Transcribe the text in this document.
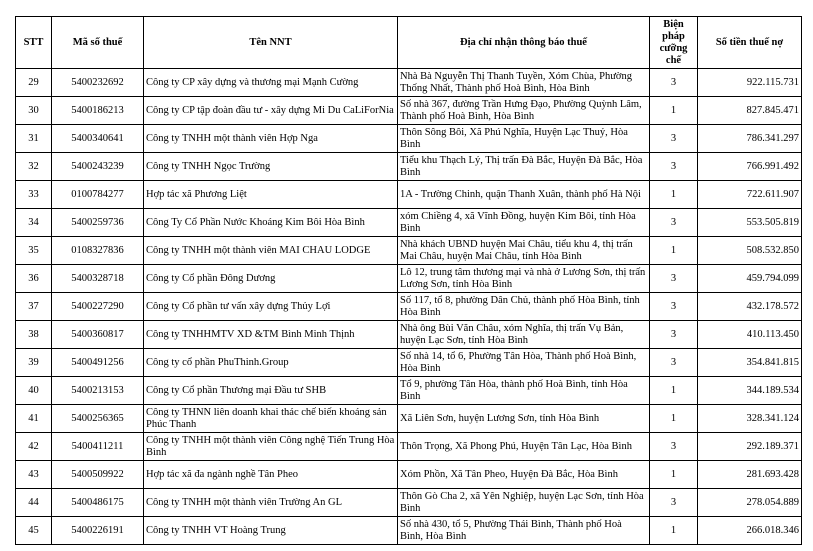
STT	Mã số thuế	Tên NNT	Địa chỉ nhận thông báo thuế	Biện
pháp
cưỡng
chế	Số tiền thuế nợ
29	5400232692	Công ty CP xây dựng và thương mại Mạnh Cường	Nhà Bà Nguyễn Thị Thanh Tuyền, Xóm Chùa, Phường Thống Nhất, Thành phố Hoà Bình, Hòa Bình	3	922.115.731
30	5400186213	Công ty CP tập đoàn đầu tư - xây dựng Mi Du CaLiForNia	Số nhà 367, đường Trần Hưng Đạo, Phường Quỳnh Lâm, Thành phố Hoà Bình, Hòa Bình	1	827.845.471
31	5400340641	Công ty TNHH một thành viên Hợp Nga	Thôn Sông Bôi, Xã Phú Nghĩa, Huyện Lạc Thuỷ, Hòa Bình	3	786.341.297
32	5400243239	Công ty TNHH Ngọc Trường	Tiểu khu Thạch Lý, Thị trấn Đà Bắc, Huyện Đà Bắc, Hòa Bình	3	766.991.492
33	0100784277	Hợp tác xã Phương Liệt	1A - Trường Chinh, quận Thanh Xuân, thành phố Hà Nội	1	722.611.907
34	5400259736	Công Ty Cổ Phần Nước Khoáng Kim Bôi Hòa Bình	xóm Chiềng 4, xã Vĩnh Đồng, huyện Kim Bôi, tỉnh Hòa Bình	3	553.505.819
35	0108327836	Công ty TNHH một thành viên MAI CHAU LODGE	Nhà khách UBND huyện Mai Châu, tiểu khu 4, thị trấn Mai Châu, huyện Mai Châu, tỉnh Hòa Bình	1	508.532.850
36	5400328718	Công ty Cổ phần Đông Dương	Lô 12, trung tâm thương mại và nhà ở Lương Sơn, thị trấn Lương Sơn, tỉnh Hòa Bình	3	459.794.099
37	5400227290	Công ty Cổ phần tư vấn xây dựng Thủy Lợi	Số 117, tổ 8, phường Dân Chủ, thành phố Hòa Bình, tỉnh Hòa Bình	3	432.178.572
38	5400360817	Công ty TNHHMTV XD &TM Bình Minh Thịnh	Nhà ông Bùi Văn Châu, xóm Nghĩa, thị trấn Vụ Bản, huyện Lạc Sơn, tỉnh Hòa Bình	3	410.113.450
39	5400491256	Công ty cổ phần PhuThinh.Group	Số nhà 14, tổ 6, Phường Tân Hòa, Thành phố Hoà Bình, Hòa Bình	3	354.841.815
40	5400213153	Công ty Cổ phần Thương mại Đầu tư SHB	Tổ 9, phường Tân Hòa, thành phố Hoà Bình, tỉnh Hòa Bình	1	344.189.534
41	5400256365	Công ty THNN liên doanh khai thác chế biến khoáng sản Phúc Thanh	Xã Liên Sơn, huyện Lương Sơn, tỉnh Hòa Bình	1	328.341.124
42	5400411211	Công ty TNHH một thành viên Công nghệ Tiến Trung Hòa Bình	Thôn Trọng, Xã Phong Phú, Huyện Tân Lạc, Hòa Bình	3	292.189.371
43	5400509922	Hợp tác xã đa ngành nghề Tân Pheo	Xóm Phồn, Xã Tân Pheo, Huyện Đà Bắc, Hòa Bình	1	281.693.428
44	5400486175	Công ty TNHH một thành viên Trường An GL	Thôn Gò Cha 2, xã Yên Nghiệp, huyện Lạc Sơn, tỉnh Hòa Bình	3	278.054.889
45	5400226191	Công ty TNHH VT Hoàng Trung	Số nhà 430, tổ 5, Phường Thái Bình, Thành phố Hoà Bình, Hòa Bình	1	266.018.346
